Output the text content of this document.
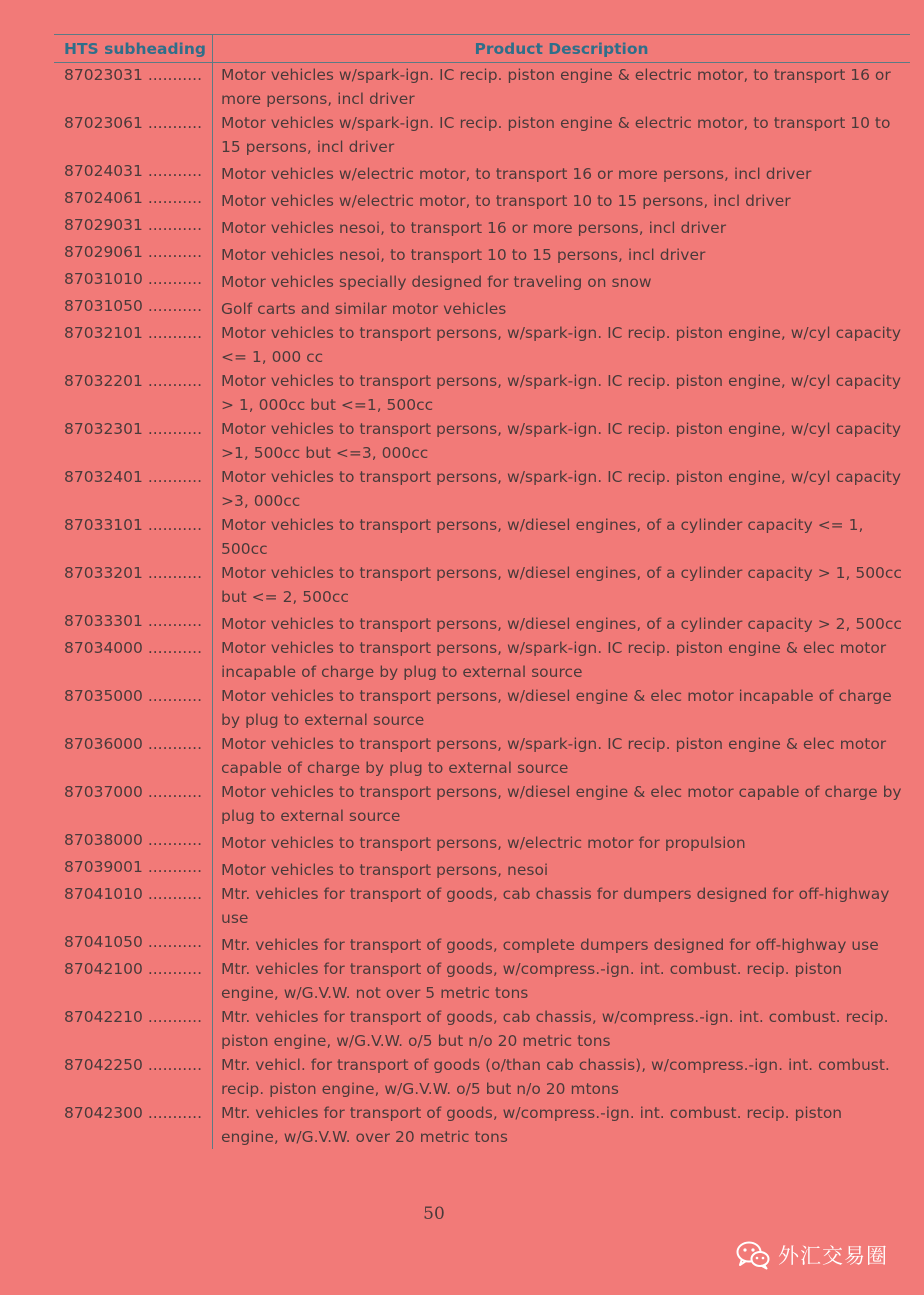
HTS subheading	Product Description
87023031 ...........	Motor vehicles w/spark-ign. IC recip. piston engine & electric motor, to transport 16 or more persons, incl driver
87023061 ...........	Motor vehicles w/spark-ign. IC recip. piston engine & electric motor, to transport 10 to 15 persons, incl driver
87024031 ...........	Motor vehicles w/electric motor, to transport 16 or more persons, incl driver
87024061 ...........	Motor vehicles w/electric motor, to transport 10 to 15 persons, incl driver
87029031 ...........	Motor vehicles nesoi, to transport 16 or more persons, incl driver
87029061 ...........	Motor vehicles nesoi, to transport 10 to 15 persons, incl driver
87031010 ...........	Motor vehicles specially designed for traveling on snow
87031050 ...........	Golf carts and similar motor vehicles
87032101 ...........	Motor vehicles to transport persons, w/spark-ign. IC recip. piston engine, w/cyl capacity <= 1, 000 cc
87032201 ...........	Motor vehicles to transport persons, w/spark-ign. IC recip. piston engine, w/cyl capacity > 1, 000cc but <=1, 500cc
87032301 ...........	Motor vehicles to transport persons, w/spark-ign. IC recip. piston engine, w/cyl capacity >1, 500cc but <=3, 000cc
87032401 ...........	Motor vehicles to transport persons, w/spark-ign. IC recip. piston engine, w/cyl capacity >3, 000cc
87033101 ...........	Motor vehicles to transport persons, w/diesel engines, of a cylinder capacity <= 1, 500cc
87033201 ...........	Motor vehicles to transport persons, w/diesel engines, of a cylinder capacity > 1, 500cc but <= 2, 500cc
87033301 ...........	Motor vehicles to transport persons, w/diesel engines, of a cylinder capacity > 2, 500cc
87034000 ...........	Motor vehicles to transport persons, w/spark-ign. IC recip. piston engine & elec motor incapable of charge by plug to external source
87035000 ...........	Motor vehicles to transport persons, w/diesel engine & elec motor incapable of charge by plug to external source
87036000 ...........	Motor vehicles to transport persons, w/spark-ign. IC recip. piston engine & elec motor capable of charge by plug to external source
87037000 ...........	Motor vehicles to transport persons, w/diesel engine & elec motor capable of charge by plug to external source
87038000 ...........	Motor vehicles to transport persons, w/electric motor for propulsion
87039001 ...........	Motor vehicles to transport persons, nesoi
87041010 ...........	Mtr. vehicles for transport of goods, cab chassis for dumpers designed for off-highway use
87041050 ...........	Mtr. vehicles for transport of goods, complete dumpers designed for off-highway use
87042100 ...........	Mtr. vehicles for transport of goods, w/compress.-ign. int. combust. recip. piston engine, w/G.V.W. not over 5 metric tons
87042210 ...........	Mtr. vehicles for transport of goods, cab chassis, w/compress.-ign. int. combust. recip. piston engine, w/G.V.W. o/5 but n/o 20 metric tons
87042250 ...........	Mtr. vehicl. for transport of goods (o/than cab chassis), w/compress.-ign. int. combust. recip. piston engine, w/G.V.W. o/5 but n/o 20 mtons
87042300 ...........	Mtr. vehicles for transport of goods, w/compress.-ign. int. combust. recip. piston engine, w/G.V.W. over 20 metric tons
50
外汇交易圈
